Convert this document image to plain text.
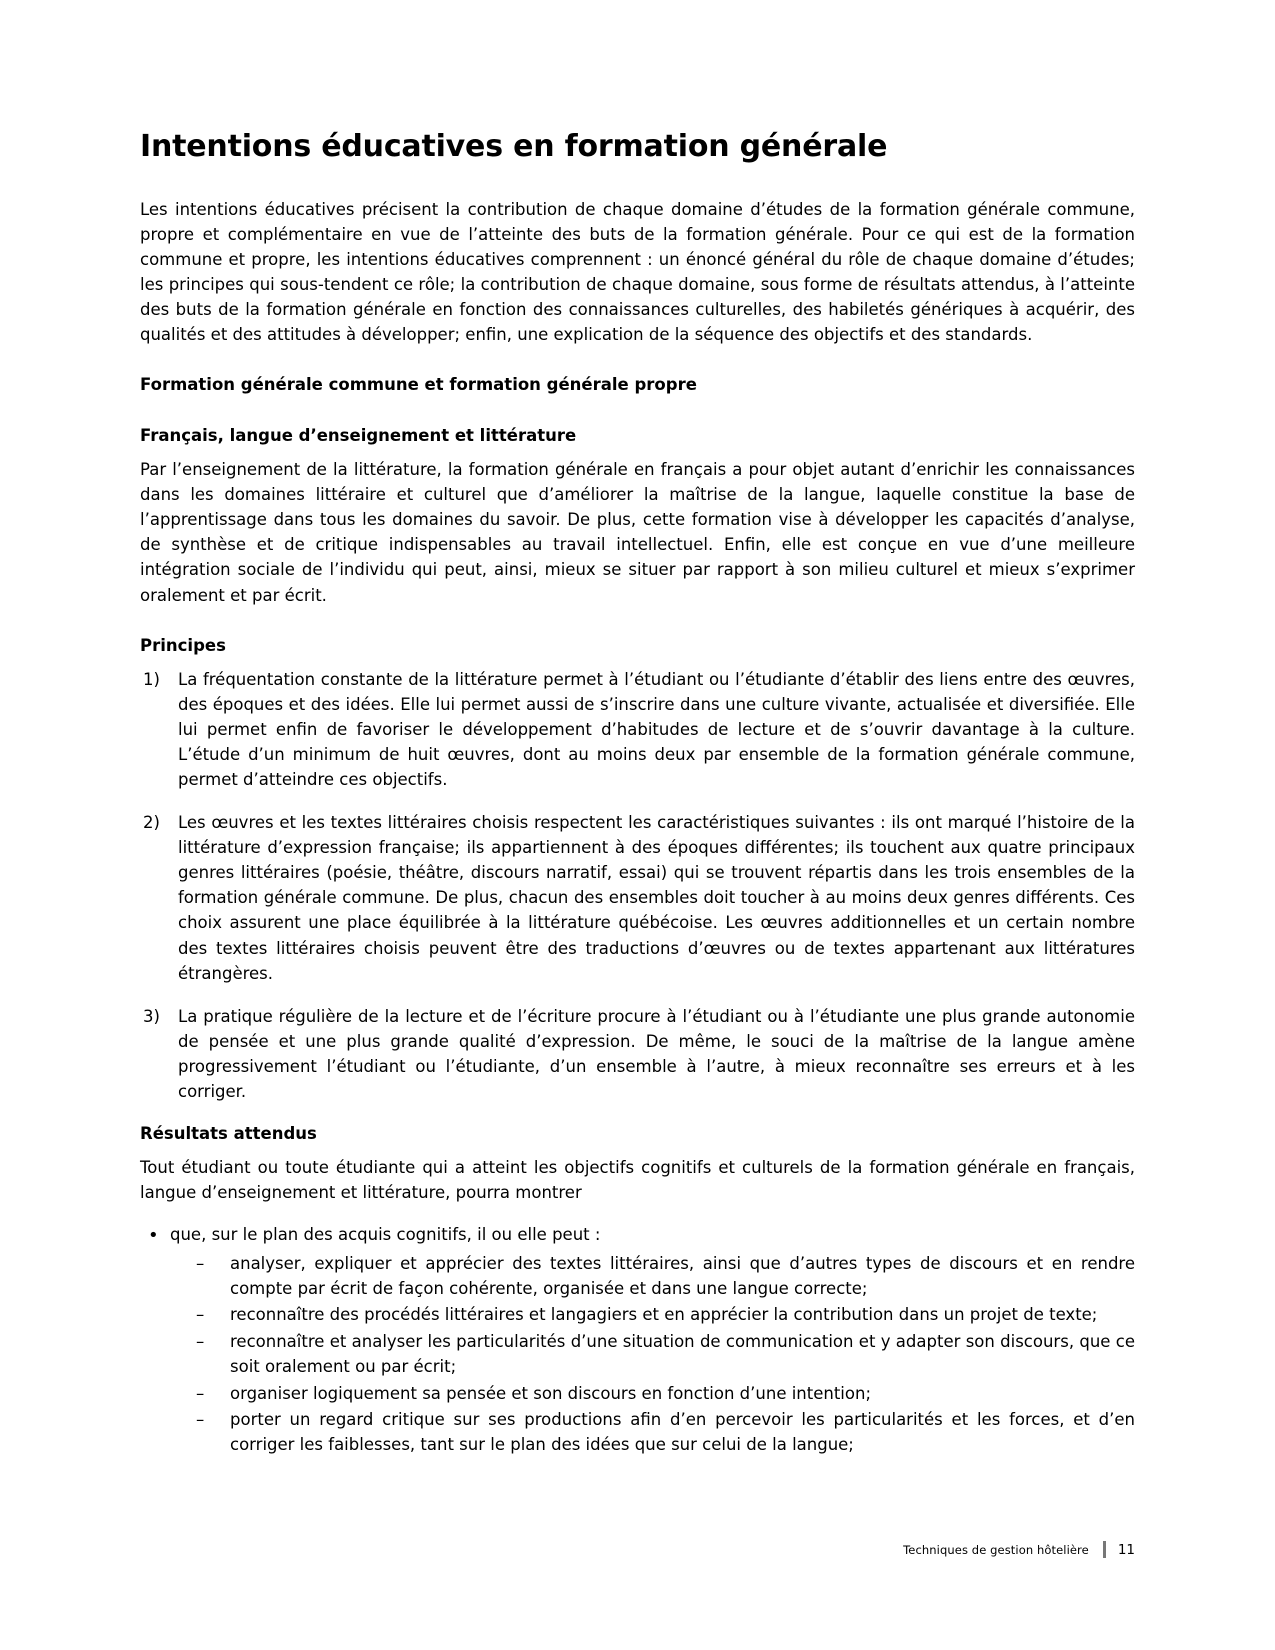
Intentions éducatives en formation générale

Les intentions éducatives précisent la contribution de chaque domaine d’études de la formation générale commune, propre et complémentaire en vue de l’atteinte des buts de la formation générale. Pour ce qui est de la formation commune et propre, les intentions éducatives comprennent : un énoncé général du rôle de chaque domaine d’études; les principes qui sous-tendent ce rôle; la contribution de chaque domaine, sous forme de résultats attendus, à l’atteinte des buts de la formation générale en fonction des connaissances culturelles, des habiletés génériques à acquérir, des qualités et des attitudes à développer; enfin, une explication de la séquence des objectifs et des standards.

Formation générale commune et formation générale propre
Français, langue d’enseignement et littérature

Par l’enseignement de la littérature, la formation générale en français a pour objet autant d’enrichir les connaissances dans les domaines littéraire et culturel que d’améliorer la maîtrise de la langue, laquelle constitue la base de l’apprentissage dans tous les domaines du savoir. De plus, cette formation vise à développer les capacités d’analyse, de synthèse et de critique indispensables au travail intellectuel. Enfin, elle est conçue en vue d’une meilleure intégration sociale de l’individu qui peut, ainsi, mieux se situer par rapport à son milieu culturel et mieux s’exprimer oralement et par écrit.

Principes
1)	La fréquentation constante de la littérature permet à l’étudiant ou l’étudiante d’établir des liens entre des œuvres, des époques et des idées. Elle lui permet aussi de s’inscrire dans une culture vivante, actualisée et diversifiée. Elle lui permet enfin de favoriser le développement d’habitudes de lecture et de s’ouvrir davantage à la culture. L’étude d’un minimum de huit œuvres, dont au moins deux par ensemble de la formation générale commune, permet d’atteindre ces objectifs.
2)	Les œuvres et les textes littéraires choisis respectent les caractéristiques suivantes : ils ont marqué l’histoire de la littérature d’expression française; ils appartiennent à des époques différentes; ils touchent aux quatre principaux genres littéraires (poésie, théâtre, discours narratif, essai) qui se trouvent répartis dans les trois ensembles de la formation générale commune. De plus, chacun des ensembles doit toucher à au moins deux genres différents. Ces choix assurent une place équilibrée à la littérature québécoise. Les œuvres additionnelles et un certain nombre des textes littéraires choisis peuvent être des traductions d’œuvres ou de textes appartenant aux littératures étrangères.
3)	La pratique régulière de la lecture et de l’écriture procure à l’étudiant ou à l’étudiante une plus grande autonomie de pensée et une plus grande qualité d’expression. De même, le souci de la maîtrise de la langue amène progressivement l’étudiant ou l’étudiante, d’un ensemble à l’autre, à mieux reconnaître ses erreurs et à les corriger.
Résultats attendus

Tout étudiant ou toute étudiante qui a atteint les objectifs cognitifs et culturels de la formation générale en français, langue d’enseignement et littérature, pourra montrer

• que, sur le plan des acquis cognitifs, il ou elle peut :
– analyser, expliquer et apprécier des textes littéraires, ainsi que d’autres types de discours et en rendre compte par écrit de façon cohérente, organisée et dans une langue correcte;
– reconnaître des procédés littéraires et langagiers et en apprécier la contribution dans un projet de texte;
– reconnaître et analyser les particularités d’une situation de communication et y adapter son discours, que ce soit oralement ou par écrit;
– organiser logiquement sa pensée et son discours en fonction d’une intention;
– porter un regard critique sur ses productions afin d’en percevoir les particularités et les forces, et d’en corriger les faiblesses, tant sur le plan des idées que sur celui de la langue;
Techniques de gestion hôtelière 11
